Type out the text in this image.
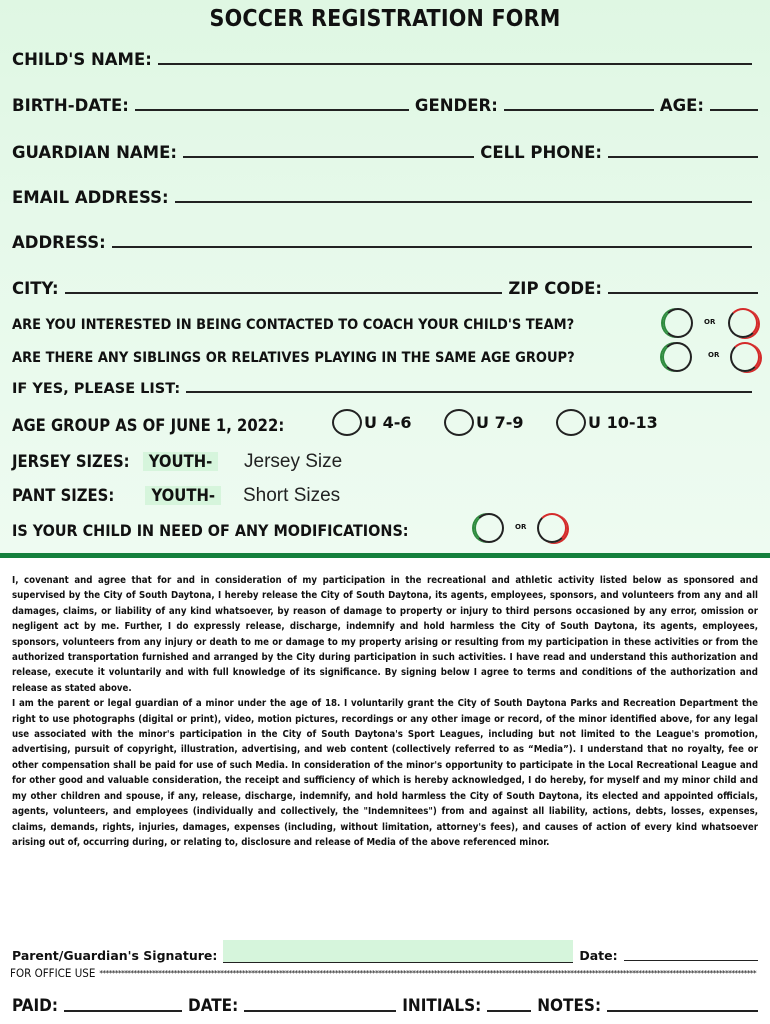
SOCCER REGISTRATION FORM
CHILD'S NAME:
BIRTH-DATE:	GENDER:	AGE:
GUARDIAN NAME:	CELL PHONE:
EMAIL ADDRESS:
ADDRESS:
CITY:	ZIP CODE:
ARE YOU INTERESTED IN BEING CONTACTED TO COACH YOUR CHILD'S TEAM?	OR
ARE THERE ANY SIBLINGS OR RELATIVES PLAYING IN THE SAME AGE GROUP?	OR
IF YES, PLEASE LIST:
AGE GROUP AS OF JUNE 1, 2022:	U 4-6	U 7-9	U 10-13
JERSEY SIZES: YOUTH-	Jersey Size
PANT SIZES: YOUTH-	Short Sizes
IS YOUR CHILD IN NEED OF ANY MODIFICATIONS:	OR

I, covenant and agree that for and in consideration of my participation in the recreational and athletic activity listed below as sponsored and supervised by the City of South Daytona, I hereby release the City of South Daytona, its agents, employees, sponsors, and volunteers from any and all damages, claims, or liability of any kind whatsoever, by reason of damage to property or injury to third persons occasioned by any error, omission or negligent act by me. Further, I do expressly release, discharge, indemnify and hold harmless the City of South Daytona, its agents, employees, sponsors, volunteers from any injury or death to me or damage to my property arising or resulting from my participation in these activities or from the authorized transportation furnished and arranged by the City during participation in such activities. I have read and understand this authorization and release, execute it voluntarily and with full knowledge of its significance. By signing below I agree to terms and conditions of the authorization and release as stated above.

I am the parent or legal guardian of a minor under the age of 18. I voluntarily grant the City of South Daytona Parks and Recreation Department the right to use photographs (digital or print), video, motion pictures, recordings or any other image or record, of the minor identified above, for any legal use associated with the minor's participation in the City of South Daytona's Sport Leagues, including but not limited to the League's promotion, advertising, pursuit of copyright, illustration, advertising, and web content (collectively referred to as “Media”). I understand that no royalty, fee or other compensation shall be paid for use of such Media. In consideration of the minor's opportunity to participate in the Local Recreational League and for other good and valuable consideration, the receipt and sufficiency of which is hereby acknowledged, I do hereby, for myself and my minor child and my other children and spouse, if any, release, discharge, indemnify, and hold harmless the City of South Daytona, its elected and appointed officials, agents, volunteers, and employees (individually and collectively, the "Indemnitees") from and against all liability, actions, debts, losses, expenses, claims, demands, rights, injuries, damages, expenses (including, without limitation, attorney's fees), and causes of action of every kind whatsoever arising out of, occurring during, or relating to, disclosure and release of Media of the above referenced minor.

Parent/Guardian's Signature:	Date:
FOR OFFICE USE ********************************************************************************************************************************************************************************************************************
PAID:	DATE:	INITIALS:	NOTES:
